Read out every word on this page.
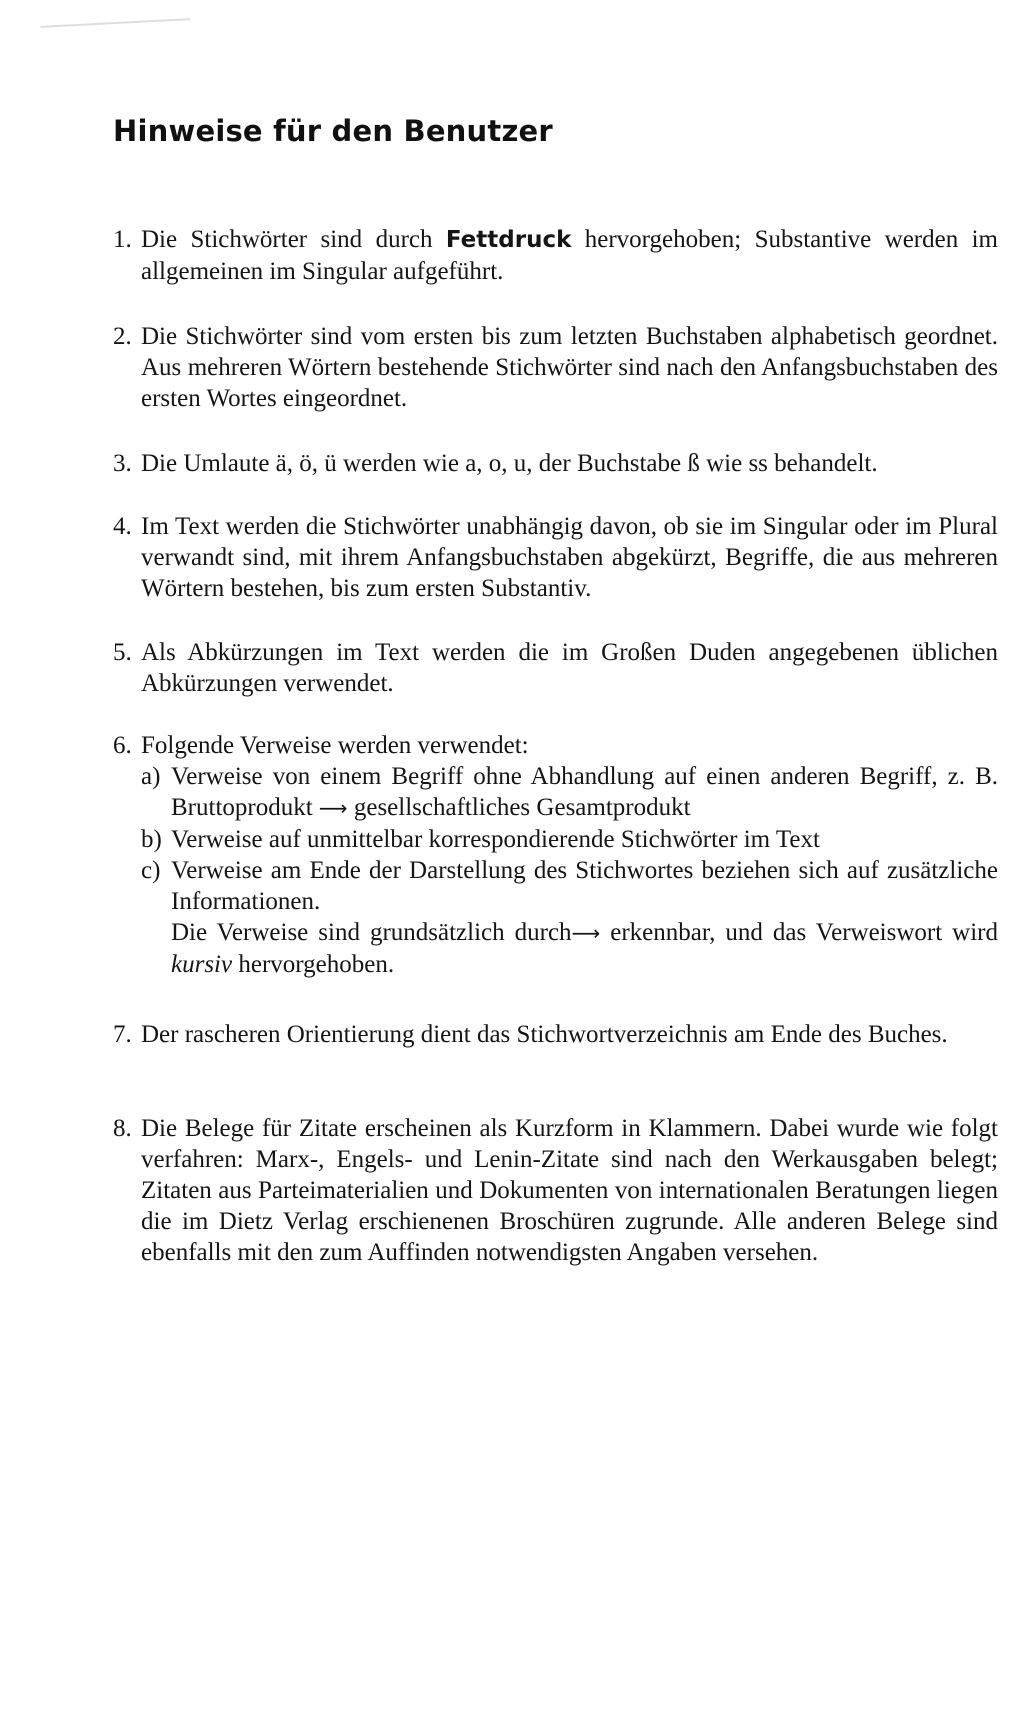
Hinweise für den Benutzer
1. Die Stichwörter sind durch Fettdruck hervorgehoben; Substantive werden im allgemeinen im Singular aufgeführt.
2. Die Stichwörter sind vom ersten bis zum letzten Buchstaben alphabetisch geordnet. Aus mehreren Wörtern bestehende Stichwörter sind nach den Anfangsbuchstaben des ersten Wortes eingeordnet.
3. Die Umlaute ä, ö, ü werden wie a, o, u, der Buchstabe ß wie ss behandelt.
4. Im Text werden die Stichwörter unabhängig davon, ob sie im Singular oder im Plural verwandt sind, mit ihrem Anfangsbuchstaben abgekürzt, Begriffe, die aus mehreren Wörtern bestehen, bis zum ersten Substantiv.
5. Als Abkürzungen im Text werden die im Großen Duden angegebenen üblichen Abkürzungen verwendet.
6. Folgende Verweise werden verwendet:
a) Verweise von einem Begriff ohne Abhandlung auf einen anderen Begriff, z. B. Bruttoprodukt ⟶ gesellschaftliches Gesamtprodukt
b) Verweise auf unmittelbar korrespondierende Stichwörter im Text
c) Verweise am Ende der Darstellung des Stichwortes beziehen sich auf zusätzliche Informationen.
Die Verweise sind grundsätzlich durch⟶ erkennbar, und das Verweiswort wird kursiv hervorgehoben.
7. Der rascheren Orientierung dient das Stichwortverzeichnis am Ende des Buches.
8. Die Belege für Zitate erscheinen als Kurzform in Klammern. Dabei wurde wie folgt verfahren: Marx-, Engels- und Lenin-Zitate sind nach den Werkausgaben belegt; Zitaten aus Parteimaterialien und Dokumenten von internationalen Beratungen liegen die im Dietz Verlag erschienenen Broschüren zugrunde. Alle anderen Belege sind ebenfalls mit den zum Auffinden notwendigsten Angaben versehen.
